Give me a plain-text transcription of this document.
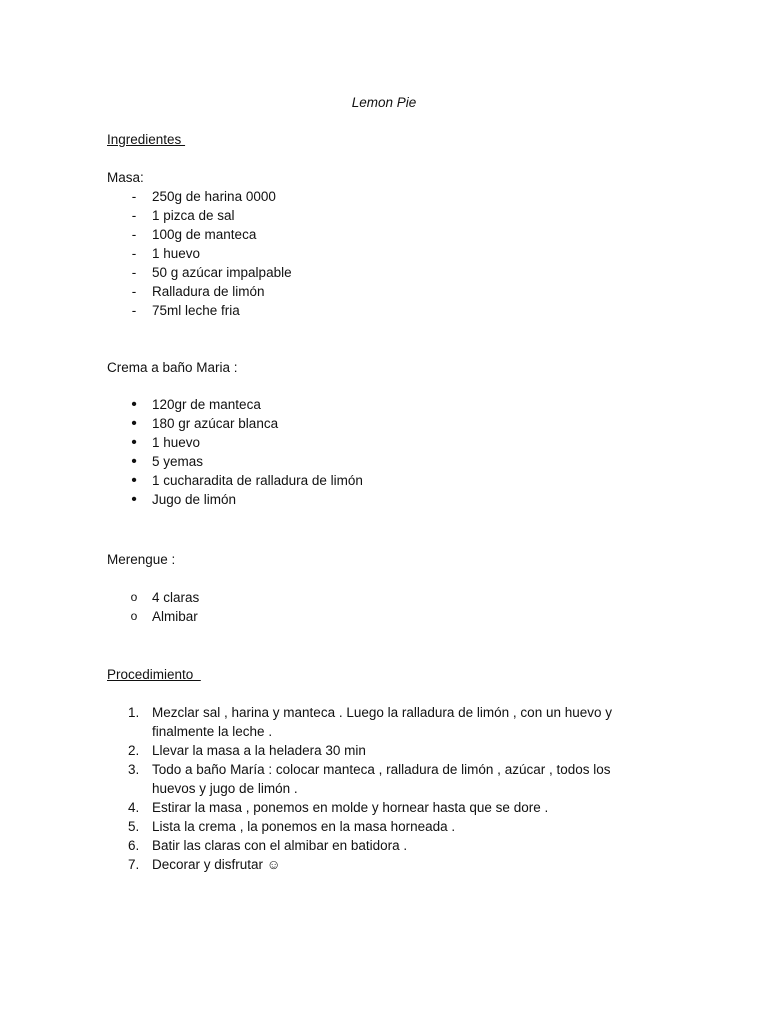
Lemon Pie
Ingredientes
Masa:
- 250g de harina 0000
- 1 pizca de sal
- 100g de manteca
- 1 huevo
- 50 g azúcar impalpable
- Ralladura de limón
- 75ml leche fria
Crema a baño Maria :
• 120gr de manteca
• 180 gr azúcar blanca
• 1 huevo
• 5 yemas
• 1 cucharadita de ralladura de limón
• Jugo de limón
Merengue :
o 4 claras
o Almibar
Procedimiento
1. Mezclar sal , harina y manteca . Luego la ralladura de limón , con un huevo y finalmente la leche .
2. Llevar la masa a la heladera 30 min
3. Todo a baño María : colocar manteca , ralladura de limón , azúcar , todos los huevos y jugo de limón .
4. Estirar la masa , ponemos en molde y hornear hasta que se dore .
5. Lista la crema , la ponemos en la masa horneada .
6. Batir las claras con el almibar en batidora .
7. Decorar y disfrutar ☺
